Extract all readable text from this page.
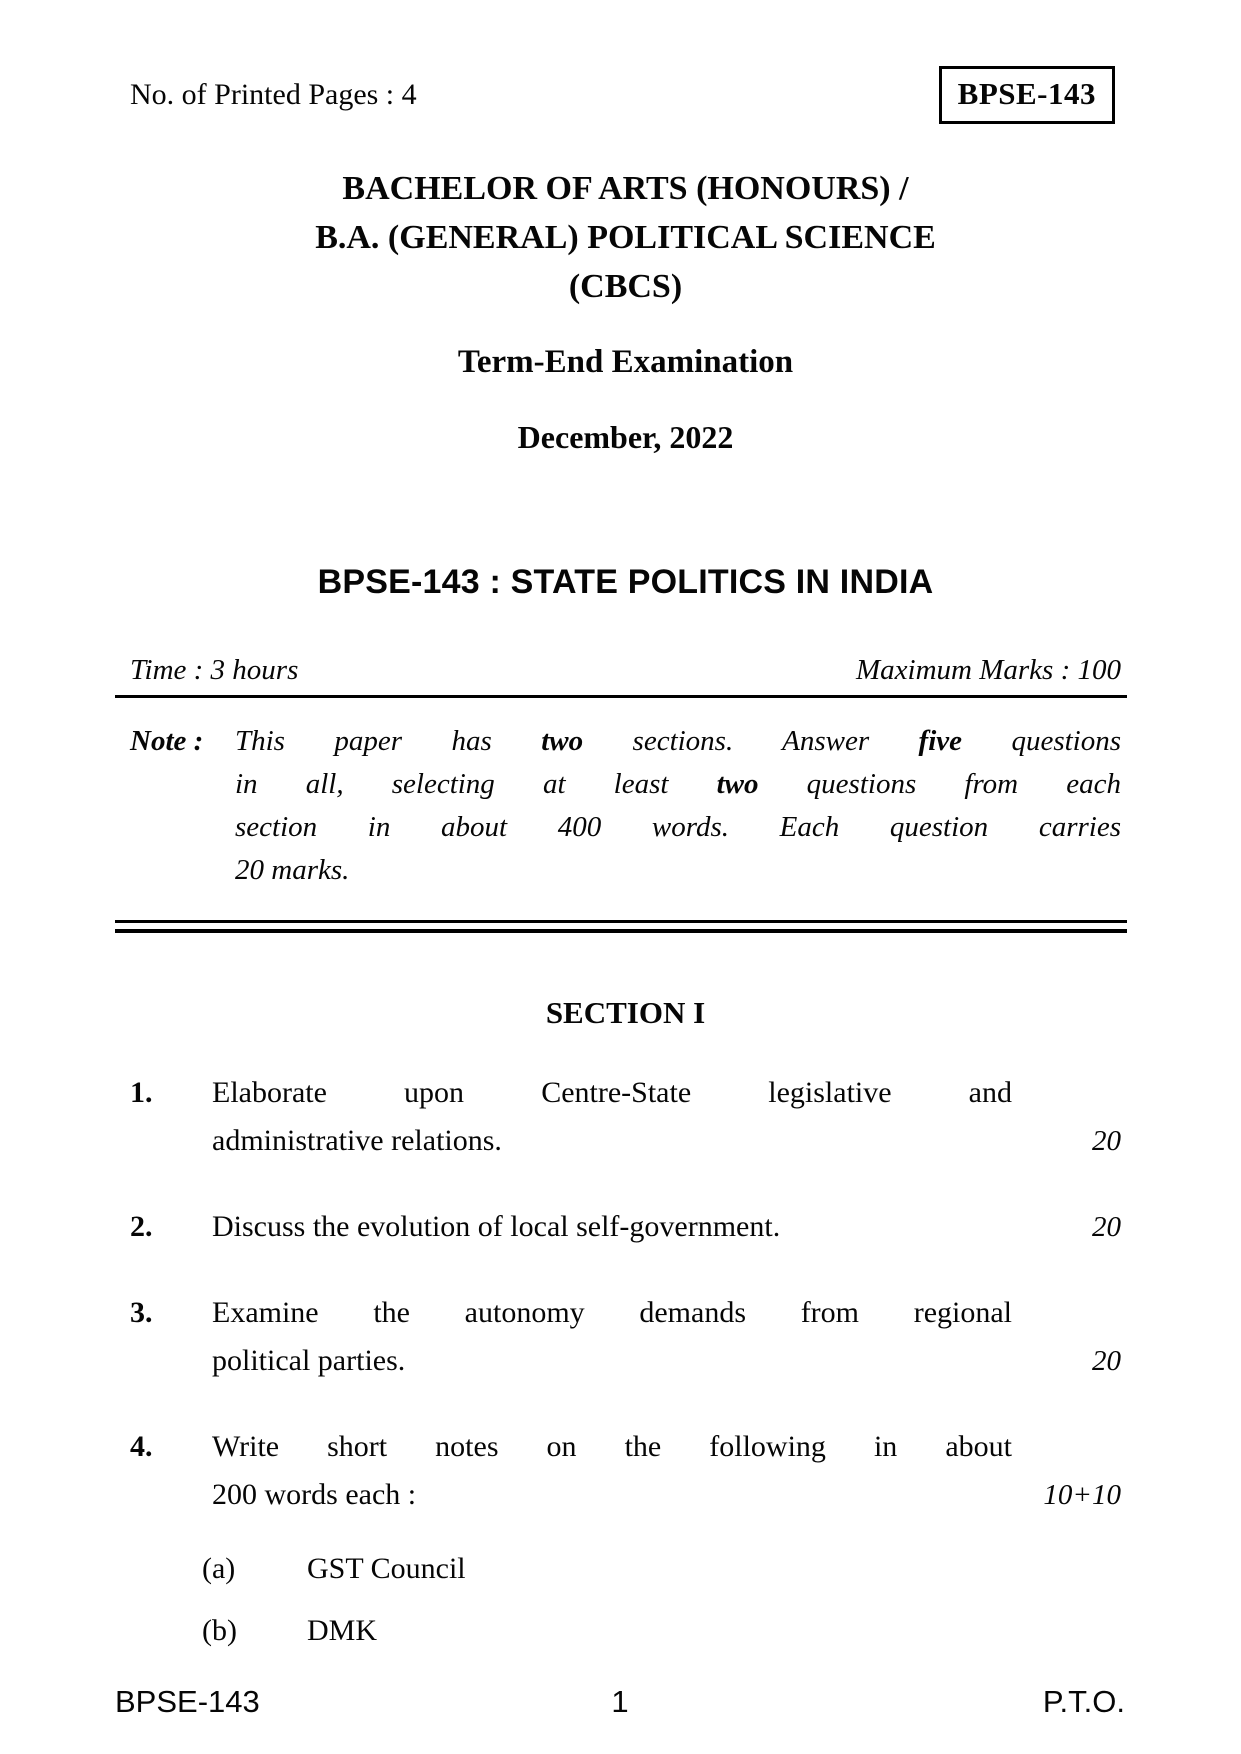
No. of Printed Pages : 4	BPSE-143
BACHELOR OF ARTS (HONOURS) /
B.A. (GENERAL) POLITICAL SCIENCE
(CBCS)
Term-End Examination
December, 2022
BPSE-143 : STATE POLITICS IN INDIA
Time : 3 hours	Maximum Marks : 100
Note :	This paper has two sections. Answer five questions
in all, selecting at least two questions from each
section in about 400 words. Each question carries
20 marks.
SECTION I
1.	Elaborate upon Centre-State legislative and
administrative relations.	20
2.	Discuss the evolution of local self-government.	20
3.	Examine the autonomy demands from regional
political parties.	20
4.	Write short notes on the following in about
200 words each :	10+10
(a)	GST Council
(b)	DMK
BPSE-143	1	P.T.O.
